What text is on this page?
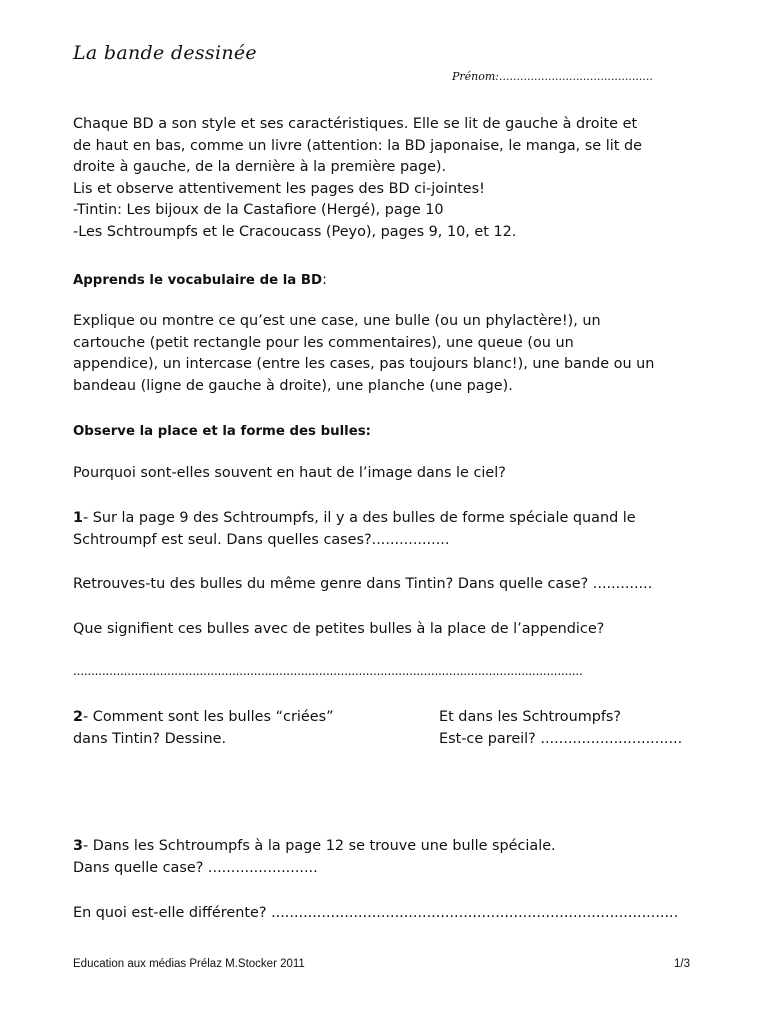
La bande dessinée
Prénom:............................................
Chaque BD a son style et ses caractéristiques. Elle se lit de gauche à droite et
de haut en bas, comme un livre (attention: la BD japonaise, le manga, se lit de
droite à gauche, de la dernière à la première page).
Lis et observe attentivement les pages des BD ci-jointes!
-Tintin: Les bijoux de la Castafiore (Hergé), page 10
-Les Schtroumpfs et le Cracoucass (Peyo), pages 9, 10, et 12.
Apprends le vocabulaire de la BD:
Explique ou montre ce qu’est une case, une bulle (ou un phylactère!), un
cartouche (petit rectangle pour les commentaires), une queue (ou un
appendice), un intercase (entre les cases, pas toujours blanc!), une bande ou un
bandeau (ligne de gauche à droite), une planche (une page).
Observe la place et la forme des bulles:
Pourquoi sont-elles souvent en haut de l’image dans le ciel?
1- Sur la page 9 des Schtroumpfs, il y a des bulles de forme spéciale quand le
Schtroumpf est seul. Dans quelles cases?.................
Retrouves-tu des bulles du même genre dans Tintin? Dans quelle case? .............
Que signifient ces bulles avec de petites bulles à la place de l’appendice?
.............................................................................................................................................
2- Comment sont les bulles “criées”
dans Tintin? Dessine.
Et dans les Schtroumpfs?
Est-ce pareil? ...............................
3- Dans les Schtroumpfs à la page 12 se trouve une bulle spéciale.
Dans quelle case? ........................
En quoi est-elle différente? .........................................................................................
Education aux médias Prélaz M.Stocker 2011	1/3
